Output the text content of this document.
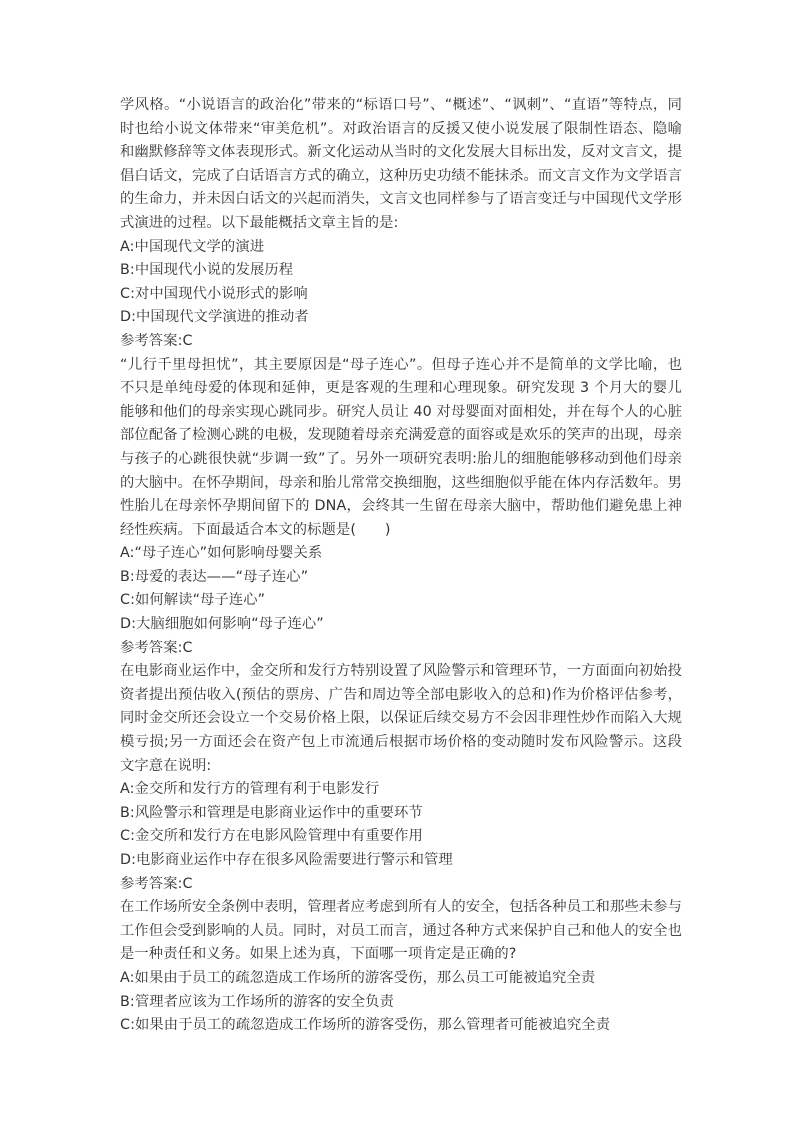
学风格。“小说语言的政治化”带来的“标语口号”、“概述”、“讽刺”、“直语”等特点，同时也给小说文体带来“审美危机”。对政治语言的反援又使小说发展了限制性语态、隐喻和幽默修辞等文体表现形式。新文化运动从当时的文化发展大目标出发，反对文言文，提倡白话文，完成了白话语言方式的确立，这种历史功绩不能抹杀。而文言文作为文学语言的生命力，并未因白话文的兴起而消失，文言文也同样参与了语言变迁与中国现代文学形式演进的过程。以下最能概括文章主旨的是:

A:中国现代文学的演进

B:中国现代小说的发展历程

C:对中国现代小说形式的影响

D:中国现代文学演进的推动者

参考答案:C

“儿行千里母担忧”，其主要原因是“母子连心”。但母子连心并不是简单的文学比喻，也不只是单纯母爱的体现和延伸，更是客观的生理和心理现象。研究发现 3 个月大的婴儿能够和他们的母亲实现心跳同步。研究人员让 40 对母婴面对面相处，并在每个人的心脏部位配备了检测心跳的电极，发现随着母亲充满爱意的面容或是欢乐的笑声的出现，母亲与孩子的心跳很快就“步调一致”了。另外一项研究表明:胎儿的细胞能够移动到他们母亲的大脑中。在怀孕期间，母亲和胎儿常常交换细胞，这些细胞似乎能在体内存活数年。男性胎儿在母亲怀孕期间留下的 DNA，会终其一生留在母亲大脑中，帮助他们避免患上神经性疾病。下面最适合本文的标题是(　　)

A:“母子连心”如何影响母婴关系

B:母爱的表达——“母子连心”

C:如何解读“母子连心”

D:大脑细胞如何影响“母子连心”

参考答案:C

在电影商业运作中，金交所和发行方特别设置了风险警示和管理环节，一方面面向初始投资者提出预估收入(预估的票房、广告和周边等全部电影收入的总和)作为价格评估参考，同时金交所还会设立一个交易价格上限，以保证后续交易方不会因非理性炒作而陷入大规模亏损;另一方面还会在资产包上市流通后根据市场价格的变动随时发布风险警示。这段文字意在说明:

A:金交所和发行方的管理有利于电影发行

B:风险警示和管理是电影商业运作中的重要环节

C:金交所和发行方在电影风险管理中有重要作用

D:电影商业运作中存在很多风险需要进行警示和管理

参考答案:C

在工作场所安全条例中表明，管理者应考虑到所有人的安全，包括各种员工和那些未参与工作但会受到影响的人员。同时，对员工而言，通过各种方式来保护自己和他人的安全也是一种责任和义务。如果上述为真，下面哪一项肯定是正确的?

A:如果由于员工的疏忽造成工作场所的游客受伤，那么员工可能被追究全责

B:管理者应该为工作场所的游客的安全负责

C:如果由于员工的疏忽造成工作场所的游客受伤，那么管理者可能被追究全责
